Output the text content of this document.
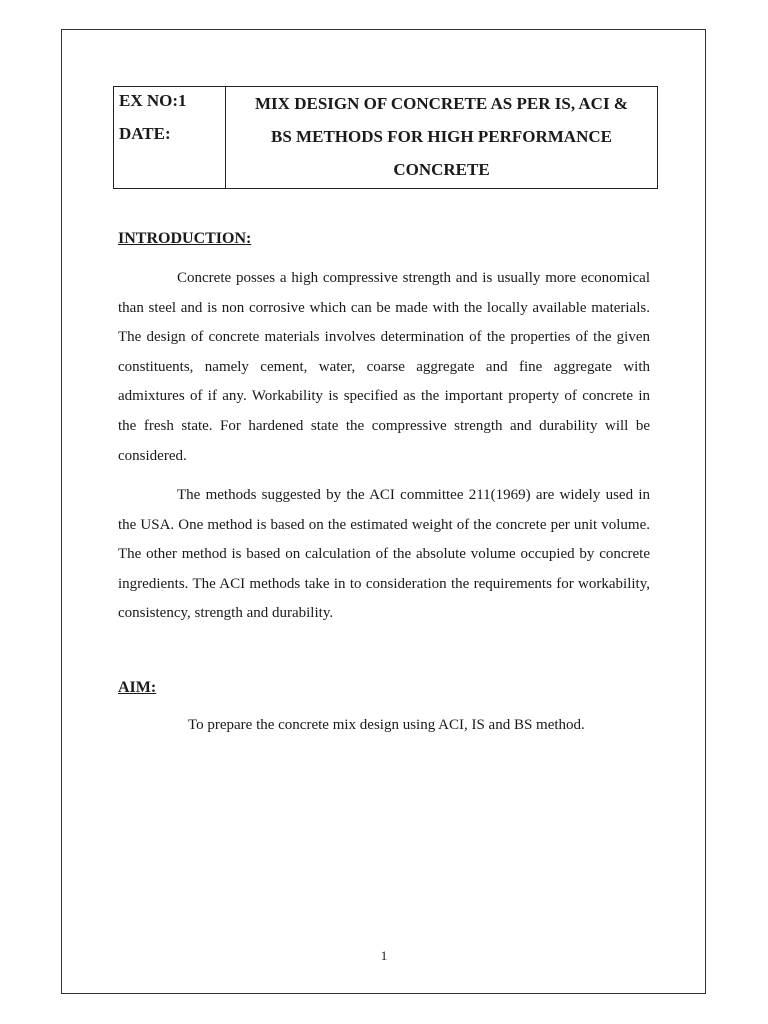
EX NO:1
DATE:
MIX DESIGN OF CONCRETE AS PER IS, ACI &
BS METHODS FOR HIGH PERFORMANCE
CONCRETE
INTRODUCTION:

Concrete posses a high compressive strength and is usually more economical than steel and is non corrosive which can be made with the locally available materials. The design of concrete materials involves determination of the properties of the given constituents, namely cement, water, coarse aggregate and fine aggregate with admixtures of if any. Workability is specified as the important property of concrete in the fresh state. For hardened state the compressive strength and durability will be considered.

The methods suggested by the ACI committee 211(1969) are widely used in the USA. One method is based on the estimated weight of the concrete per unit volume. The other method is based on calculation of the absolute volume occupied by concrete ingredients. The ACI methods take in to consideration the requirements for workability, consistency, strength and durability.

AIM:
To prepare the concrete mix design using ACI, IS and BS method.
1
